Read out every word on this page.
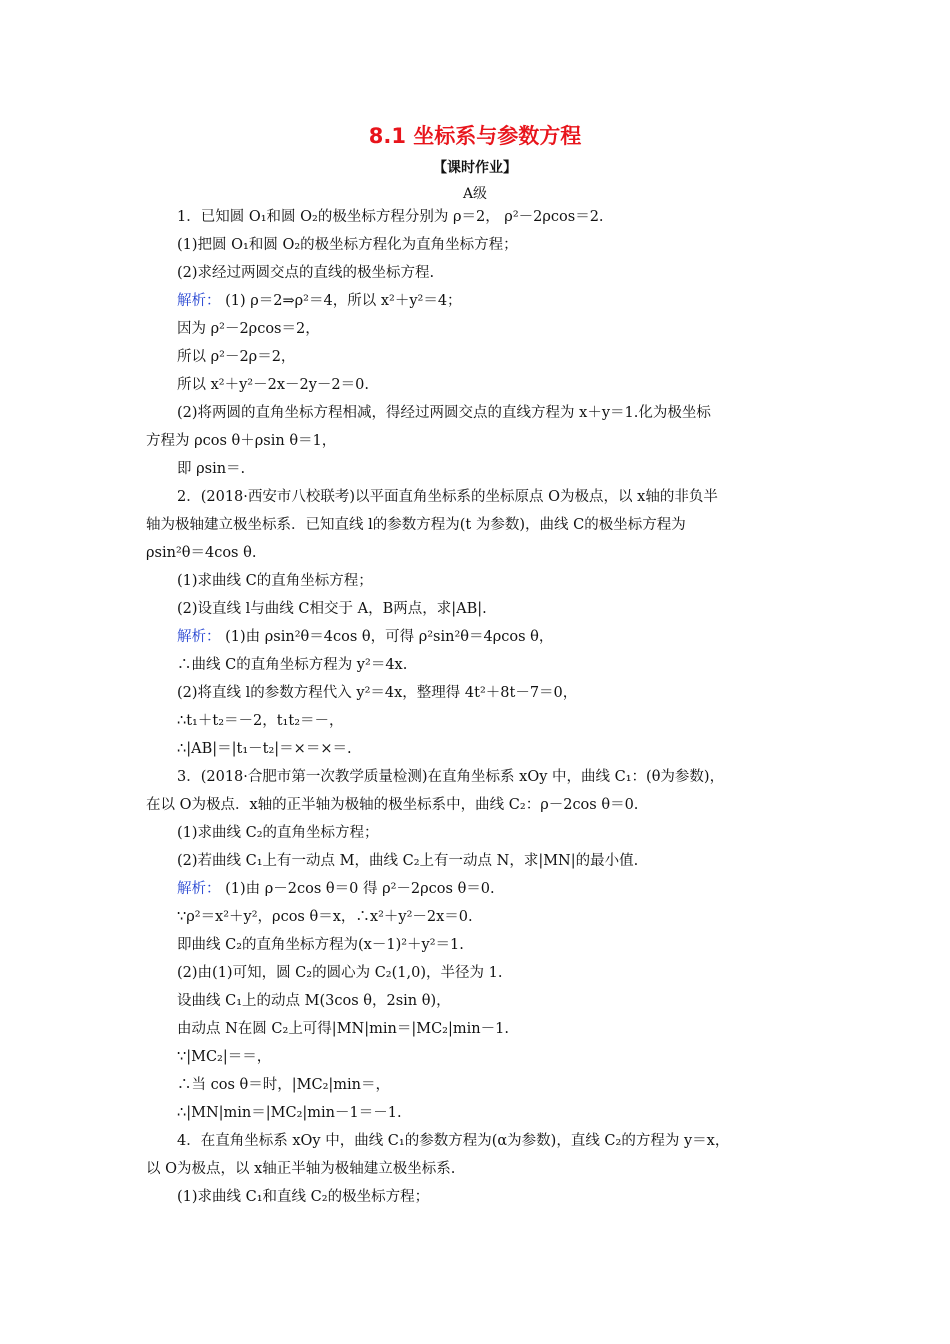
8.1 坐标系与参数方程
【课时作业】
A级
1．已知圆 O₁和圆 O₂的极坐标方程分别为 ρ＝2， ρ²－2ρcos＝2.
(1)把圆 O₁和圆 O₂的极坐标方程化为直角坐标方程；
(2)求经过两圆交点的直线的极坐标方程.
解析： (1) ρ＝2⇒ρ²＝4，所以 x²＋y²＝4；
因为 ρ²－2ρcos＝2，
所以 ρ²－2ρ＝2，
所以 x²＋y²－2x－2y－2＝0.
(2)将两圆的直角坐标方程相减，得经过两圆交点的直线方程为 x＋y＝1.化为极坐标
方程为 ρcos θ＋ρsin θ＝1，
即 ρsin＝.
2．(2018·西安市八校联考)以平面直角坐标系的坐标原点 O为极点，以 x轴的非负半
轴为极轴建立极坐标系．已知直线 l的参数方程为(t 为参数)，曲线 C的极坐标方程为
ρsin²θ＝4cos θ.
(1)求曲线 C的直角坐标方程；
(2)设直线 l与曲线 C相交于 A，B两点，求|AB|.
解析： (1)由 ρsin²θ＝4cos θ，可得 ρ²sin²θ＝4ρcos θ，
∴曲线 C的直角坐标方程为 y²＝4x.
(2)将直线 l的参数方程代入 y²＝4x，整理得 4t²＋8t－7＝0，
∴t₁＋t₂＝－2，t₁t₂＝－，
∴|AB|＝|t₁－t₂|＝×＝×＝.
3．(2018·合肥市第一次教学质量检测)在直角坐标系 xOy 中，曲线 C₁：(θ为参数)，
在以 O为极点．x轴的正半轴为极轴的极坐标系中，曲线 C₂：ρ－2cos θ＝0.
(1)求曲线 C₂的直角坐标方程；
(2)若曲线 C₁上有一动点 M，曲线 C₂上有一动点 N，求|MN|的最小值.
解析： (1)由 ρ－2cos θ＝0 得 ρ²－2ρcos θ＝0.
∵ρ²＝x²＋y²，ρcos θ＝x，∴x²＋y²－2x＝0.
即曲线 C₂的直角坐标方程为(x－1)²＋y²＝1.
(2)由(1)可知，圆 C₂的圆心为 C₂(1,0)，半径为 1.
设曲线 C₁上的动点 M(3cos θ，2sin θ)，
由动点 N在圆 C₂上可得|MN|min＝|MC₂|min－1.
∵|MC₂|＝＝，
∴当 cos θ＝时，|MC₂|min＝，
∴|MN|min＝|MC₂|min－1＝－1.
4．在直角坐标系 xOy 中，曲线 C₁的参数方程为(α为参数)，直线 C₂的方程为 y＝x，
以 O为极点，以 x轴正半轴为极轴建立极坐标系.
(1)求曲线 C₁和直线 C₂的极坐标方程；
